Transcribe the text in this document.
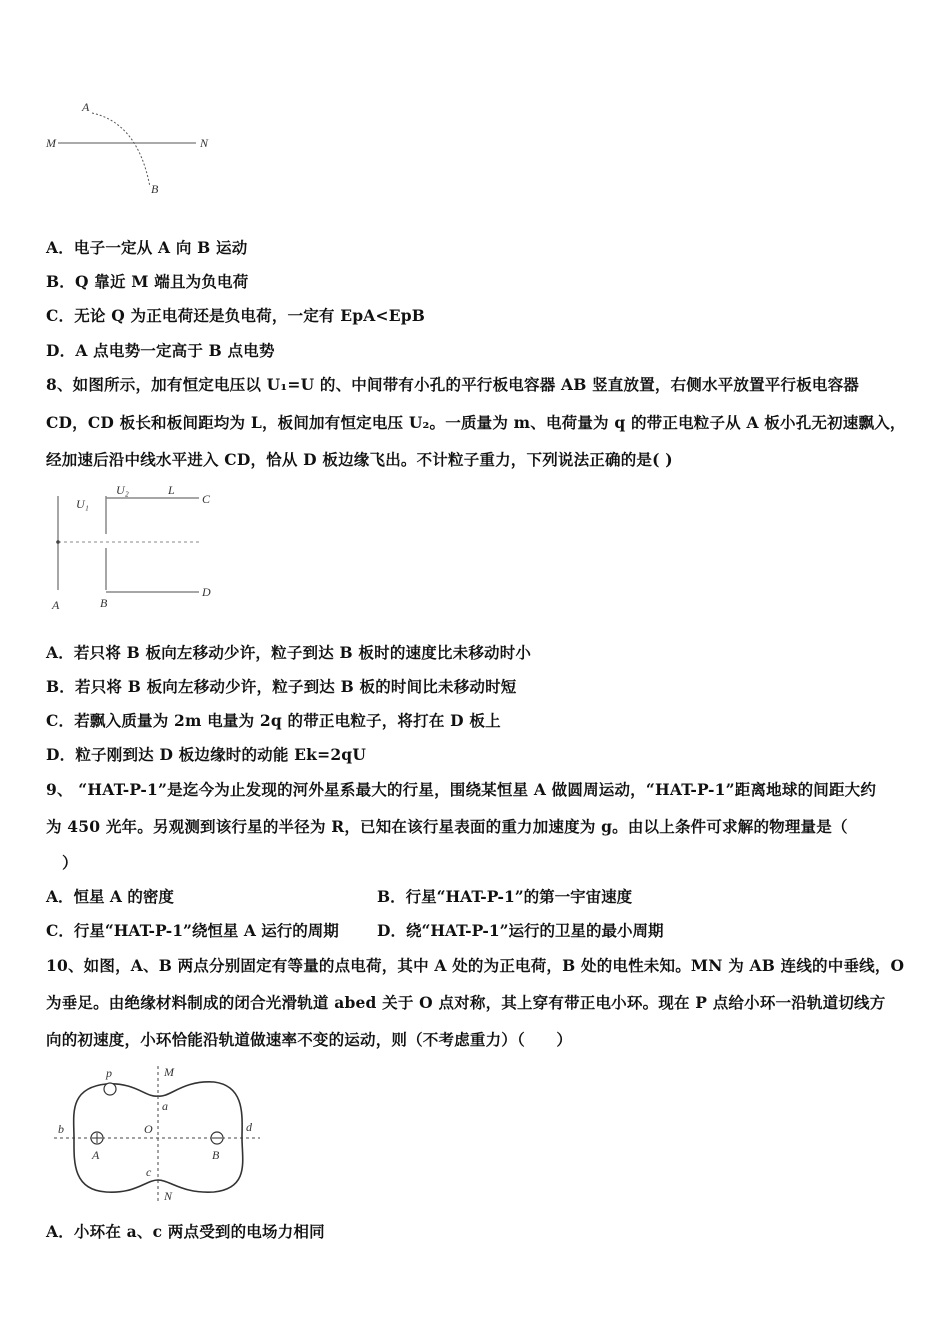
A
M	N
B
A．电子一定从 A 向 B 运动
B．Q 靠近 M 端且为负电荷
C．无论 Q 为正电荷还是负电荷，一定有 EpA<EpB
D．A 点电势一定高于 B 点电势
8、如图所示，加有恒定电压以 U₁=U 的、中间带有小孔的平行板电容器 AB 竖直放置，右侧水平放置平行板电容器
CD，CD 板长和板间距均为 L，板间加有恒定电压 U₂。一质量为 m、电荷量为 q 的带正电粒子从 A 板小孔无初速飘入，
经加速后沿中线水平进入 CD，恰从 D 板边缘飞出。不计粒子重力，下列说法正确的是( )
U₁
U₂	L
C
D
A	B
A．若只将 B 板向左移动少许，粒子到达 B 板时的速度比未移动时小
B．若只将 B 板向左移动少许，粒子到达 B 板的时间比未移动时短
C．若飘入质量为 2m 电量为 2q 的带正电粒子，将打在 D 板上
D．粒子刚到达 D 板边缘时的动能 Ek=2qU
9、 “HAT-P-1”是迄今为止发现的河外星系最大的行星，围绕某恒星 A 做圆周运动，“HAT-P-1”距离地球的间距大约
为 450 光年。另观测到该行星的半径为 R，已知在该行星表面的重力加速度为 g。由以上条件可求解的物理量是（
）
A．恒星 A 的密度	B．行星“HAT-P-1”的第一宇宙速度
C．行星“HAT-P-1”绕恒星 A 运行的周期 D．绕“HAT-P-1”运行的卫星的最小周期
10、如图，A、B 两点分别固定有等量的点电荷，其中 A 处的为正电荷，B 处的电性未知。MN 为 AB 连线的中垂线，O
为垂足。由绝缘材料制成的闭合光滑轨道 abed 关于 O 点对称，其上穿有带正电小环。现在 P 点给小环一沿轨道切线方
向的初速度，小环恰能沿轨道做速率不变的运动，则（不考虑重力）（　　）
p	M
a
b	O	d
A	B
c
N
A．小环在 a、c 两点受到的电场力相同
